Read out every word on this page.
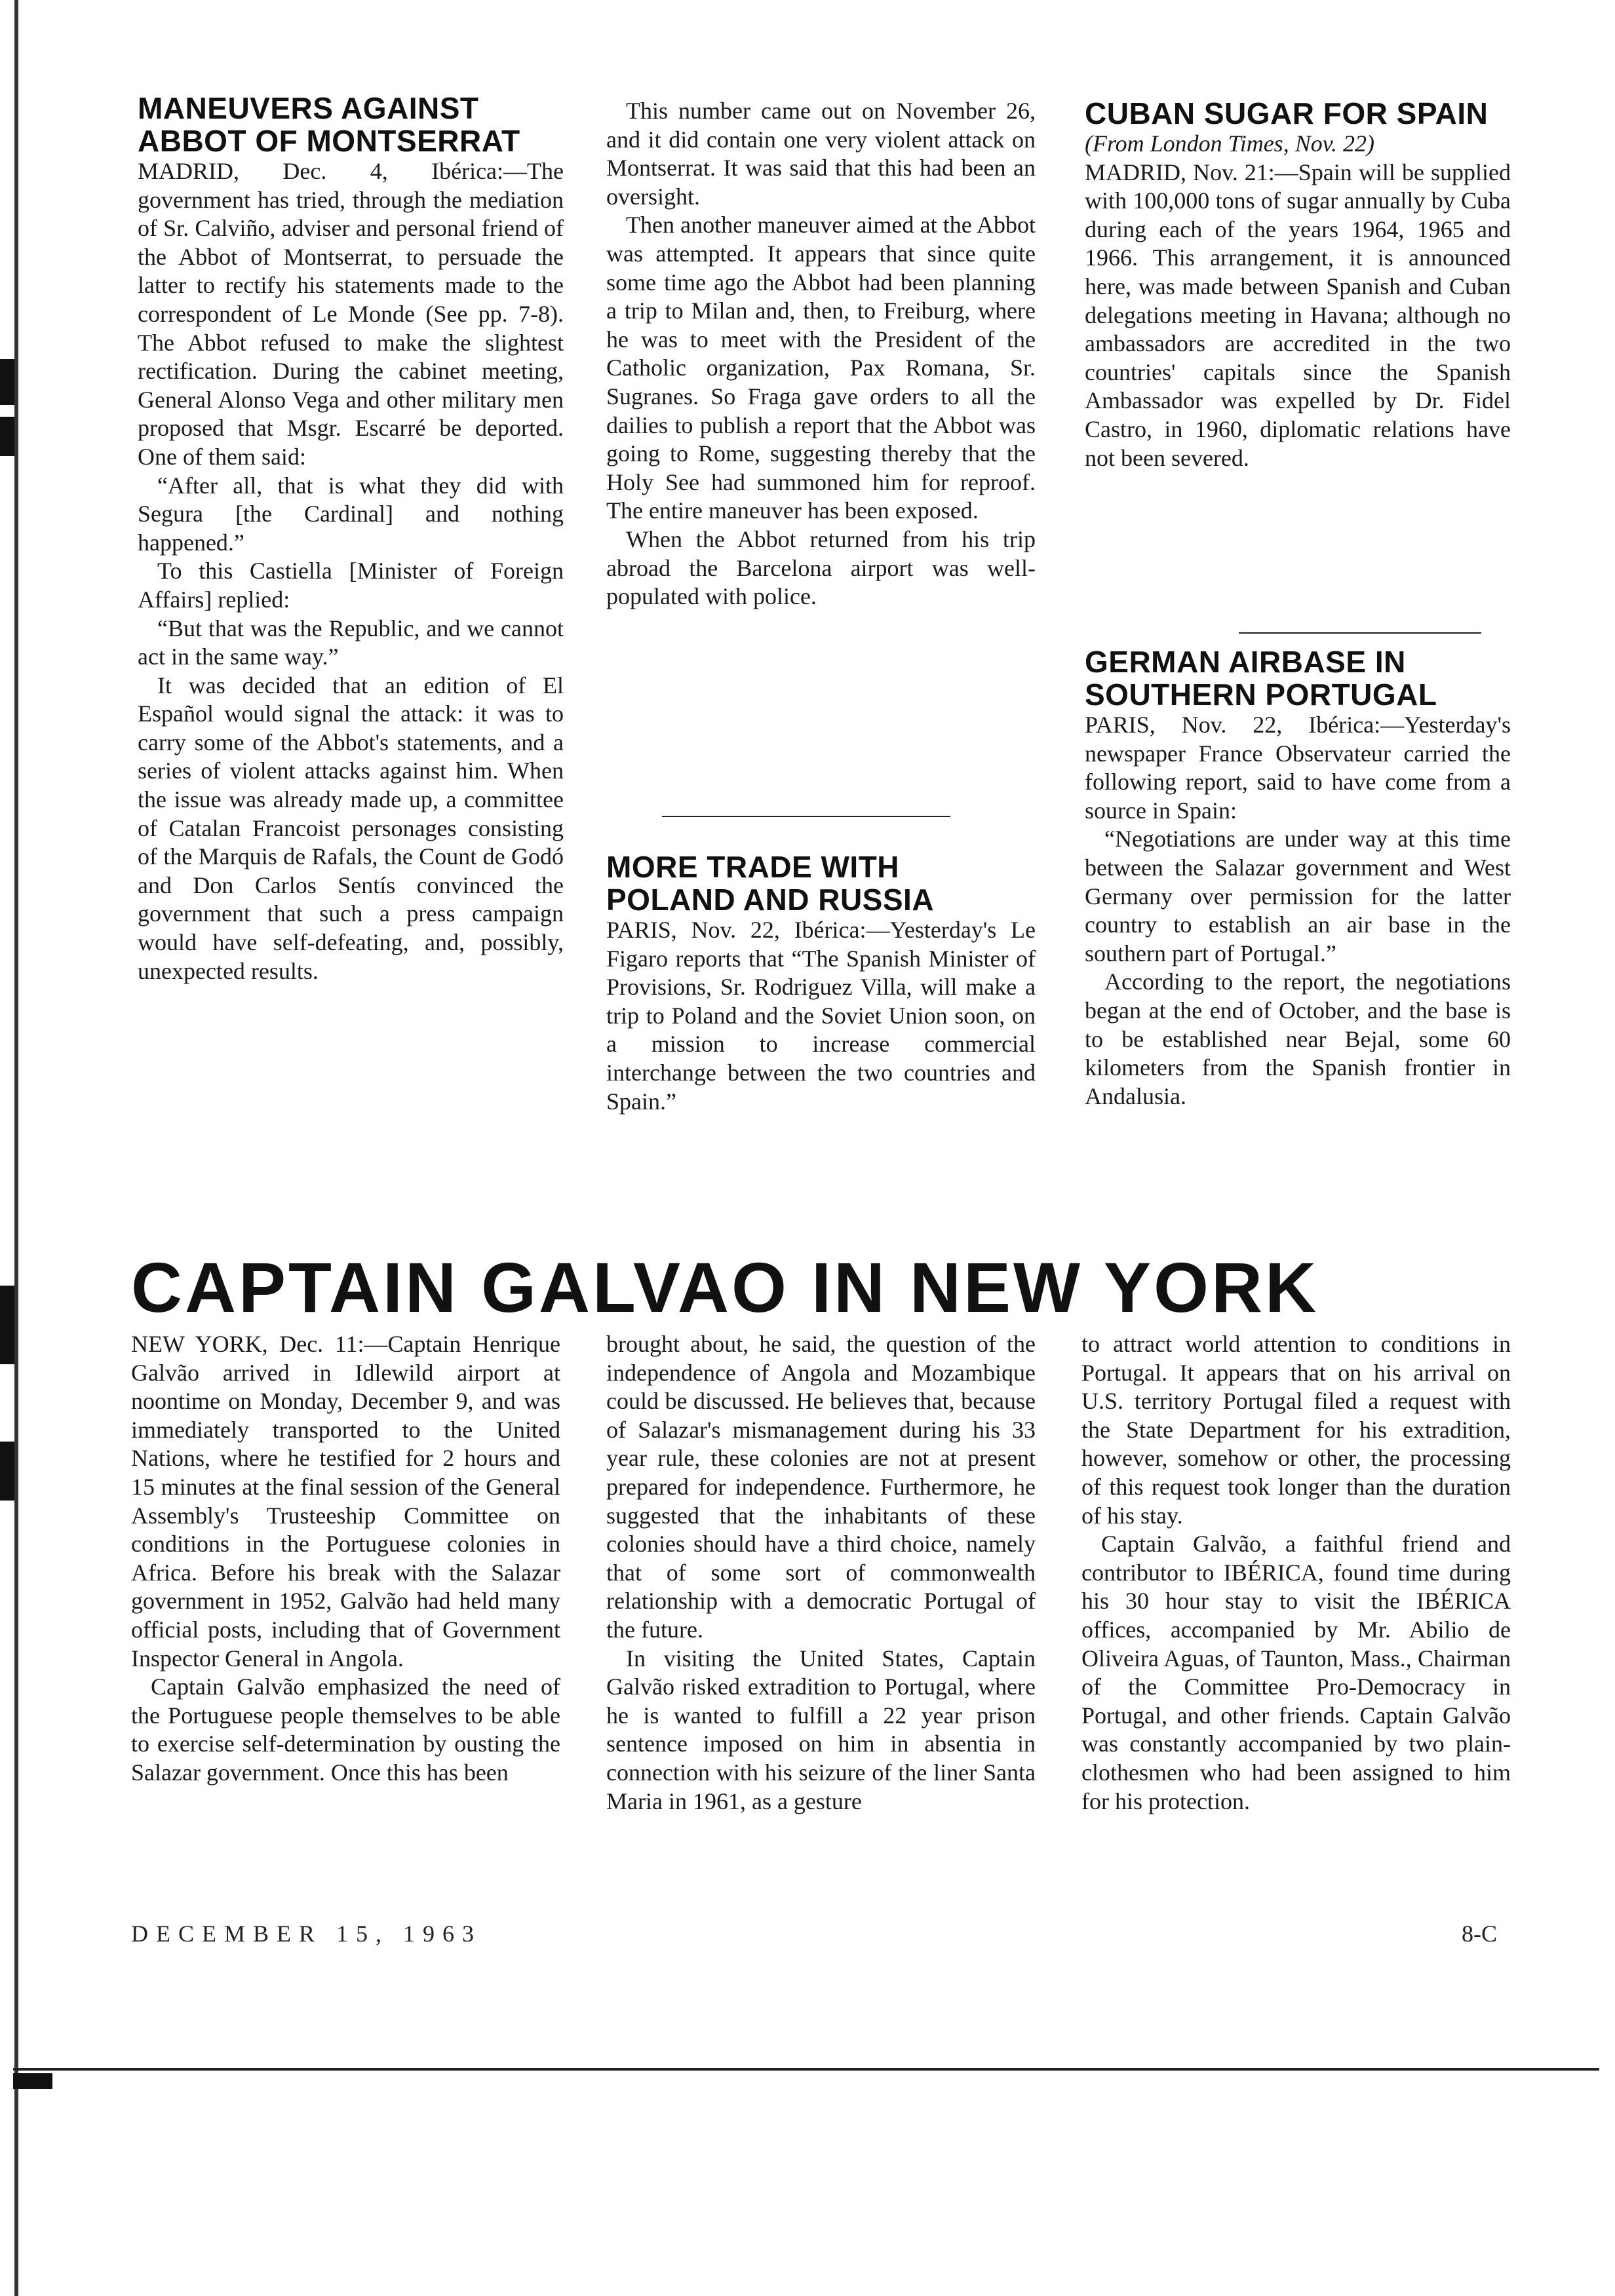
MANEUVERS AGAINST ABBOT OF MONTSERRAT

MADRID, Dec. 4, Ibérica:—The government has tried, through the mediation of Sr. Calviño, adviser and personal friend of the Abbot of Montserrat, to persuade the latter to rectify his statements made to the correspondent of Le Monde (See pp. 7-8). The Abbot refused to make the slightest rectification. During the cabinet meeting, General Alonso Vega and other military men proposed that Msgr. Escarré be deported. One of them said:

“After all, that is what they did with Segura [the Cardinal] and nothing happened.”

To this Castiella [Minister of Foreign Affairs] replied:

“But that was the Republic, and we cannot act in the same way.”

It was decided that an edition of El Español would signal the attack: it was to carry some of the Abbot's statements, and a series of violent attacks against him. When the issue was already made up, a committee of Catalan Francoist personages consisting of the Marquis de Rafals, the Count de Godó and Don Carlos Sentís convinced the government that such a press campaign would have self-defeating, and, possibly, unexpected results.

This number came out on November 26, and it did contain one very violent attack on Montserrat. It was said that this had been an oversight.

Then another maneuver aimed at the Abbot was attempted. It appears that since quite some time ago the Abbot had been planning a trip to Milan and, then, to Freiburg, where he was to meet with the President of the Catholic organization, Pax Romana, Sr. Sugranes. So Fraga gave orders to all the dailies to publish a report that the Abbot was going to Rome, suggesting thereby that the Holy See had summoned him for reproof. The entire maneuver has been exposed.

When the Abbot returned from his trip abroad the Barcelona airport was well-populated with police.

MORE TRADE WITH POLAND AND RUSSIA

PARIS, Nov. 22, Ibérica:—Yesterday's Le Figaro reports that “The Spanish Minister of Provisions, Sr. Rodriguez Villa, will make a trip to Poland and the Soviet Union soon, on a mission to increase commercial interchange between the two countries and Spain.”

CUBAN SUGAR FOR SPAIN

(From London Times, Nov. 22)

MADRID, Nov. 21:—Spain will be supplied with 100,000 tons of sugar annually by Cuba during each of the years 1964, 1965 and 1966. This arrangement, it is announced here, was made between Spanish and Cuban delegations meeting in Havana; although no ambassadors are accredited in the two countries' capitals since the Spanish Ambassador was expelled by Dr. Fidel Castro, in 1960, diplomatic relations have not been severed.

GERMAN AIRBASE IN SOUTHERN PORTUGAL

PARIS, Nov. 22, Ibérica:—Yesterday's newspaper France Observateur carried the following report, said to have come from a source in Spain:

“Negotiations are under way at this time between the Salazar government and West Germany over permission for the latter country to establish an air base in the southern part of Portugal.”

According to the report, the negotiations began at the end of October, and the base is to be established near Bejal, some 60 kilometers from the Spanish frontier in Andalusia.

CAPTAIN GALVAO IN NEW YORK

NEW YORK, Dec. 11:—Captain Henrique Galvão arrived in Idlewild airport at noontime on Monday, December 9, and was immediately transported to the United Nations, where he testified for 2 hours and 15 minutes at the final session of the General Assembly's Trusteeship Committee on conditions in the Portuguese colonies in Africa. Before his break with the Salazar government in 1952, Galvão had held many official posts, including that of Government Inspector General in Angola.

Captain Galvão emphasized the need of the Portuguese people themselves to be able to exercise self-determination by ousting the Salazar government. Once this has been

brought about, he said, the question of the independence of Angola and Mozambique could be discussed. He believes that, because of Salazar's mismanagement during his 33 year rule, these colonies are not at present prepared for independence. Furthermore, he suggested that the inhabitants of these colonies should have a third choice, namely that of some sort of commonwealth relationship with a democratic Portugal of the future.

In visiting the United States, Captain Galvão risked extradition to Portugal, where he is wanted to fulfill a 22 year prison sentence imposed on him in absentia in connection with his seizure of the liner Santa Maria in 1961, as a gesture

to attract world attention to conditions in Portugal. It appears that on his arrival on U.S. territory Portugal filed a request with the State Department for his extradition, however, somehow or other, the processing of this request took longer than the duration of his stay.

Captain Galvão, a faithful friend and contributor to IBÉRICA, found time during his 30 hour stay to visit the IBÉRICA offices, accompanied by Mr. Abilio de Oliveira Aguas, of Taunton, Mass., Chairman of the Committee Pro-Democracy in Portugal, and other friends. Captain Galvão was constantly accompanied by two plain-clothesmen who had been assigned to him for his protection.

DECEMBER 15, 1963	8-C
